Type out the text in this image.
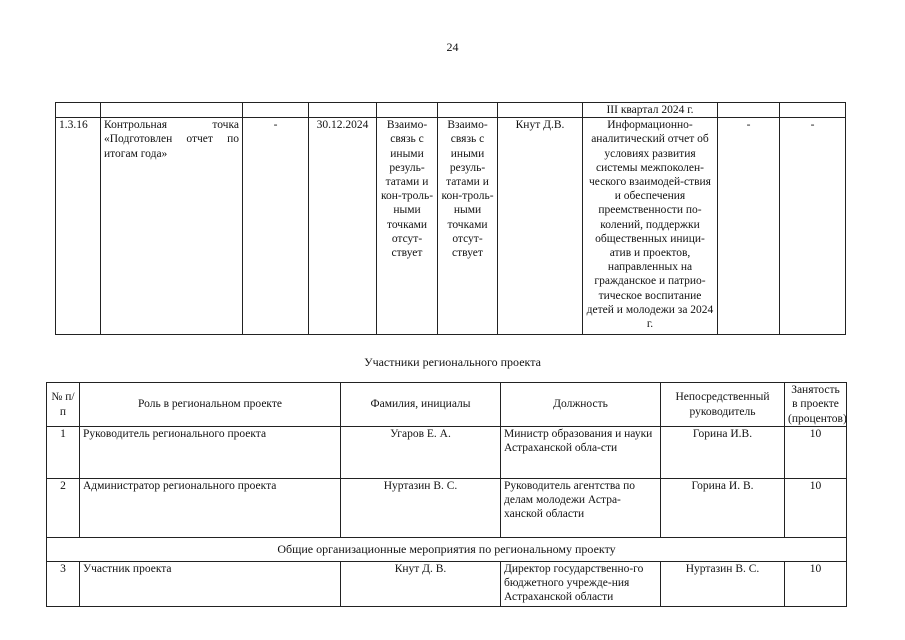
24
							III квартал 2024 г.		
1.3.16	Контрольная точка «Подготовлен отчет по итогам года»	-	30.12.2024	Взаимо-связь с иными резуль-татами и кон-троль-ными точками отсут-ствует	Взаимо-связь с иными резуль-татами и кон-троль-ными точками отсут-ствует	Кнут Д.В.	Информационно-аналитический отчет об условиях развития системы межпоколен-ческого взаимодей-ствия и обеспечения преемственности по-колений, поддержки общественных иници-атив и проектов, направленных на гражданское и патрио-тическое воспитание детей и молодежи за 2024 г.	-	-
Участники регионального проекта
№ п/п	Роль в региональном проекте	Фамилия, инициалы	Должность	Непосредственный руководитель	Занятость в проекте (процентов)
1	Руководитель регионального проекта	Угаров Е. А.	Министр образования и науки Астраханской обла-сти	Горина И.В.	10
2	Администратор регионального проекта	Нуртазин В. С.	Руководитель агентства по делам молодежи Астра-ханской области	Горина И. В.	10
Общие организационные мероприятия по региональному проекту					
3	Участник проекта	Кнут Д. В.	Директор государственно-го бюджетного учрежде-ния Астраханской области	Нуртазин В. С.	10
